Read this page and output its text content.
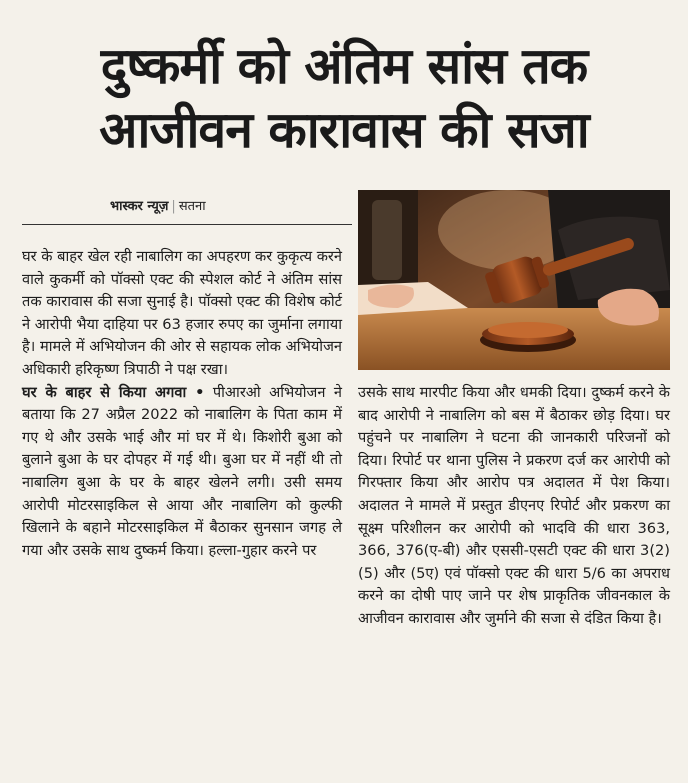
दुष्कर्मी को अंतिम सांस तक
आजीवन कारावास की सजा
भास्कर न्यूज़ | सतना

घर के बाहर खेल रही नाबालिग का अपहरण कर कुकृत्य करने वाले कुकर्मी को पॉक्सो एक्ट की स्पेशल कोर्ट ने अंतिम सांस तक कारावास की सजा सुनाई है। पॉक्सो एक्ट की विशेष कोर्ट ने आरोपी भैया दाहिया पर 63 हजार रुपए का जुर्माना लगाया है। मामले में अभियोजन की ओर से सहायक लोक अभियोजन अधिकारी हरिकृष्ण त्रिपाठी ने पक्ष रखा।

घर के बाहर से किया अगवा • पीआरओ अभियोजन ने बताया कि 27 अप्रैल 2022 को नाबालिग के पिता काम में गए थे और उसके भाई और मां घर में थे। किशोरी बुआ को बुलाने बुआ के घर दोपहर में गई थी। बुआ घर में नहीं थी तो नाबालिग बुआ के घर के बाहर खेलने लगी। उसी समय आरोपी मोटरसाइकिल से आया और नाबालिग को कुल्फी खिलाने के बहाने मोटरसाइकिल में बैठाकर सुनसान जगह ले गया और उसके साथ दुष्कर्म किया। हल्ला-गुहार करने पर

उसके साथ मारपीट किया और धमकी दिया। दुष्कर्म करने के बाद आरोपी ने नाबालिग को बस में बैठाकर छोड़ दिया। घर पहुंचने पर नाबालिग ने घटना की जानकारी परिजनों को दिया। रिपोर्ट पर थाना पुलिस ने प्रकरण दर्ज कर आरोपी को गिरफ्तार किया और आरोप पत्र अदालत में पेश किया। अदालत ने मामले में प्रस्तुत डीएनए रिपोर्ट और प्रकरण का सूक्ष्म परिशीलन कर आरोपी को भादवि की धारा 363, 366, 376(ए-बी) और एससी-एसटी एक्ट की धारा 3(2)(5) और (5ए) एवं पॉक्सो एक्ट की धारा 5/6 का अपराध करने का दोषी पाए जाने पर शेष प्राकृतिक जीवनकाल के आजीवन कारावास और जुर्माने की सजा से दंडित किया है।
